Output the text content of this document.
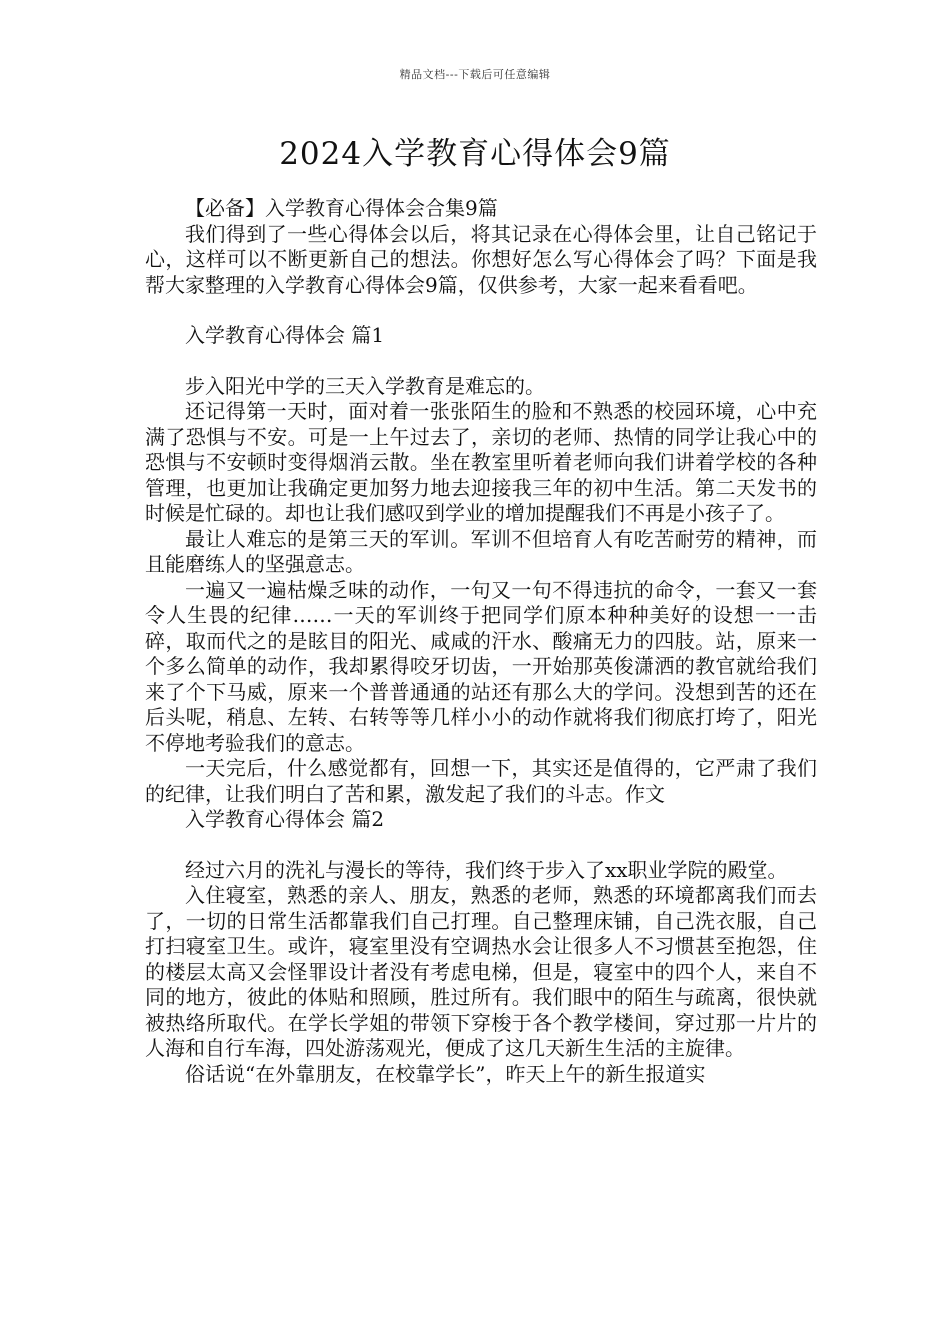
精品文档---下载后可任意编辑
2024入学教育心得体会9篇

【必备】入学教育心得体会合集9篇

我们得到了一些心得体会以后，将其记录在心得体会里，让自己铭记于心，这样可以不断更新自己的想法。你想好怎么写心得体会了吗？下面是我帮大家整理的入学教育心得体会9篇，仅供参考，大家一起来看看吧。

入学教育心得体会 篇1

步入阳光中学的三天入学教育是难忘的。

还记得第一天时，面对着一张张陌生的脸和不熟悉的校园环境，心中充满了恐惧与不安。可是一上午过去了，亲切的老师、热情的同学让我心中的恐惧与不安顿时变得烟消云散。坐在教室里听着老师向我们讲着学校的各种管理，也更加让我确定更加努力地去迎接我三年的初中生活。第二天发书的时候是忙碌的。却也让我们感叹到学业的增加提醒我们不再是小孩子了。

最让人难忘的是第三天的军训。军训不但培育人有吃苦耐劳的精神，而且能磨练人的坚强意志。

一遍又一遍枯燥乏味的动作，一句又一句不得违抗的命令，一套又一套令人生畏的纪律……一天的军训终于把同学们原本种种美好的设想一一击碎，取而代之的是眩目的阳光、咸咸的汗水、酸痛无力的四肢。站，原来一个多么简单的动作，我却累得咬牙切齿，一开始那英俊潇洒的教官就给我们来了个下马威，原来一个普普通通的站还有那么大的学问。没想到苦的还在后头呢，稍息、左转、右转等等几样小小的动作就将我们彻底打垮了，阳光不停地考验我们的意志。

一天完后，什么感觉都有，回想一下，其实还是值得的，它严肃了我们的纪律，让我们明白了苦和累，激发起了我们的斗志。作文

入学教育心得体会 篇2

经过六月的洗礼与漫长的等待，我们终于步入了xx职业学院的殿堂。

入住寝室，熟悉的亲人、朋友，熟悉的老师，熟悉的环境都离我们而去了，一切的日常生活都靠我们自己打理。自己整理床铺，自己洗衣服，自己打扫寝室卫生。或许，寝室里没有空调热水会让很多人不习惯甚至抱怨，住的楼层太高又会怪罪设计者没有考虑电梯，但是，寝室中的四个人，来自不同的地方，彼此的体贴和照顾，胜过所有。我们眼中的陌生与疏离，很快就被热络所取代。在学长学姐的带领下穿梭于各个教学楼间，穿过那一片片的人海和自行车海，四处游荡观光，便成了这几天新生生活的主旋律。

俗话说“在外靠朋友，在校靠学长”，昨天上午的新生报道实
